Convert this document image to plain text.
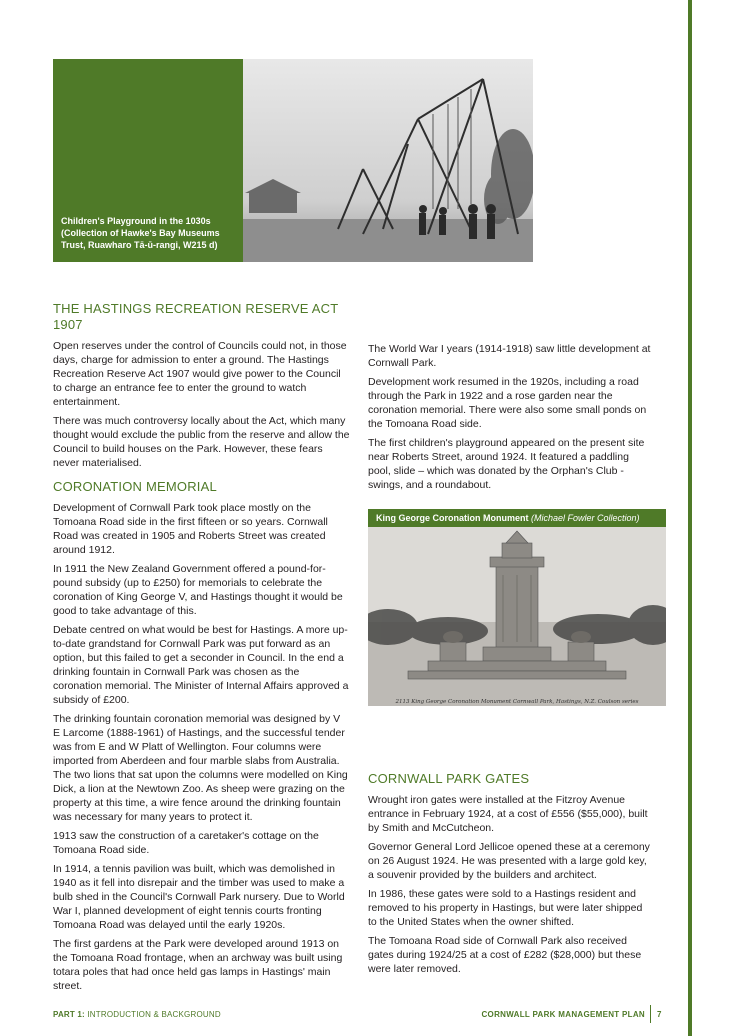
Children's Playground in the 1030s (Collection of Hawke's Bay Museums Trust, Ruawharo Tā-ū-rangi, W215 d)
THE HASTINGS RECREATION RESERVE ACT 1907

Open reserves under the control of Councils could not, in those days, charge for admission to enter a ground. The Hastings Recreation Reserve Act 1907 would give power to the Council to charge an entrance fee to enter the ground to watch entertainment.

There was much controversy locally about the Act, which many thought would exclude the public from the reserve and allow the Council to build houses on the Park. However, these fears never materialised.

CORONATION MEMORIAL

Development of Cornwall Park took place mostly on the Tomoana Road side in the first fifteen or so years. Cornwall Road was created in 1905 and Roberts Street was created around 1912.

In 1911 the New Zealand Government offered a pound-for-pound subsidy (up to £250) for memorials to celebrate the coronation of King George V, and Hastings thought it would be good to take advantage of this.

Debate centred on what would be best for Hastings. A more up-to-date grandstand for Cornwall Park was put forward as an option, but this failed to get a seconder in Council. In the end a drinking fountain in Cornwall Park was chosen as the coronation memorial. The Minister of Internal Affairs approved a subsidy of £200.

The drinking fountain coronation memorial was designed by V E Larcome (1888-1961) of Hastings, and the successful tender was from E and W Platt of Wellington. Four columns were imported from Aberdeen and four marble slabs from Australia. The two lions that sat upon the columns were modelled on King Dick, a lion at the Newtown Zoo. As sheep were grazing on the property at this time, a wire fence around the drinking fountain was necessary for many years to protect it.

1913 saw the construction of a caretaker's cottage on the Tomoana Road side.

In 1914, a tennis pavilion was built, which was demolished in 1940 as it fell into disrepair and the timber was used to make a bulb shed in the Council's Cornwall Park nursery. Due to World War I, planned development of eight tennis courts fronting Tomoana Road was delayed until the early 1920s.

The first gardens at the Park were developed around 1913 on the Tomoana Road frontage, when an archway was built using totara poles that had once held gas lamps in Hastings' main street.

The World War I years (1914-1918) saw little development at Cornwall Park.

Development work resumed in the 1920s, including a road through the Park in 1922 and a rose garden near the coronation memorial. There were also some small ponds on the Tomoana Road side.

The first children's playground appeared on the present site near Roberts Street, around 1924. It featured a paddling pool, slide – which was donated by the Orphan's Club - swings, and a roundabout.

King George Coronation Monument (Michael Fowler Collection)
2113 King George Coronation Monument Cornwall Park, Hastings, N.Z. Coulson series
CORNWALL PARK GATES

Wrought iron gates were installed at the Fitzroy Avenue entrance in February 1924, at a cost of £556 ($55,000), built by Smith and McCutcheon.

Governor General Lord Jellicoe opened these at a ceremony on 26 August 1924. He was presented with a large gold key, a souvenir provided by the builders and architect.

In 1986, these gates were sold to a Hastings resident and removed to his property in Hastings, but were later shipped to the United States when the owner shifted.

The Tomoana Road side of Cornwall Park also received gates during 1924/25 at a cost of £282 ($28,000) but these were later removed.

PART 1: INTRODUCTION & BACKGROUND	CORNWALL PARK MANAGEMENT PLAN 7
